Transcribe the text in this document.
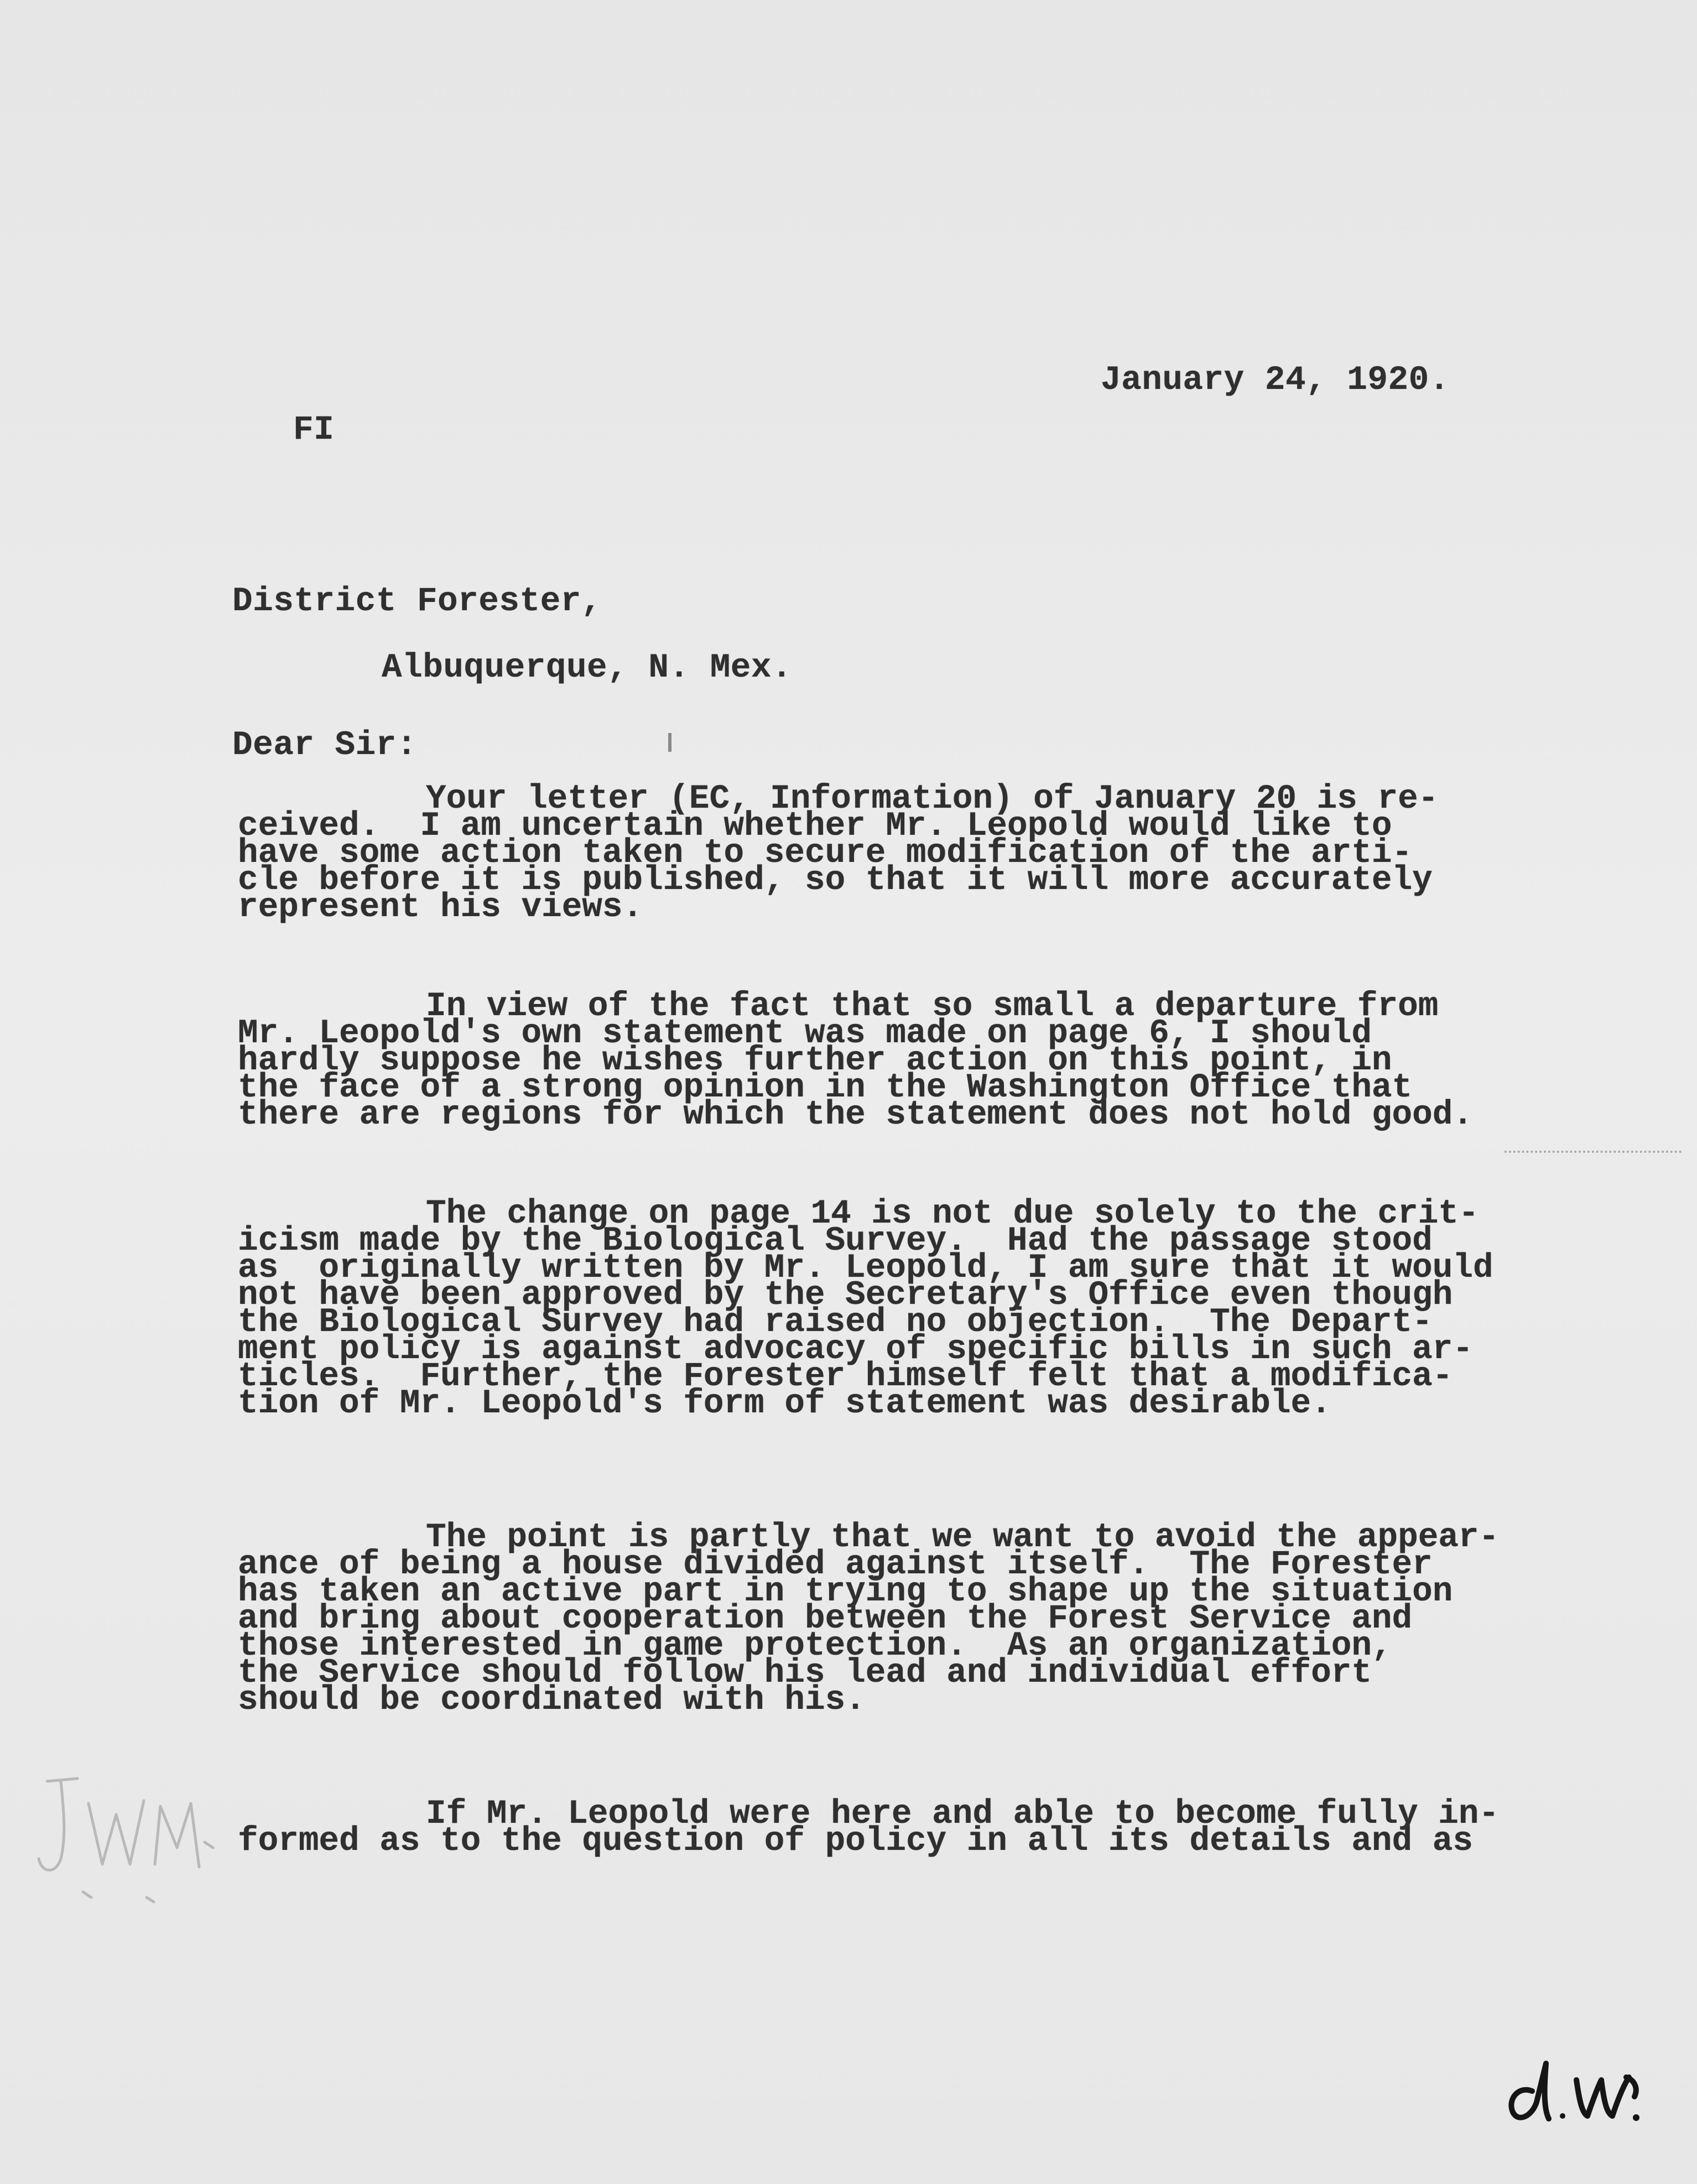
January 24, 1920.
FI
District Forester,
Albuquerque, N. Mex.
Dear Sir:
Your letter (EC, Information) of January 20 is re-
ceived.  I am uncertain whether Mr. Leopold would like to
have some action taken to secure modification of the arti-
cle before it is published, so that it will more accurately
represent his views.
In view of the fact that so small a departure from
Mr. Leopold's own statement was made on page 6, I should
hardly suppose he wishes further action on this point, in
the face of a strong opinion in the Washington Office that
there are regions for which the statement does not hold good.
The change on page 14 is not due solely to the crit-
icism made by the Biological Survey.  Had the passage stood
as  originally written by Mr. Leopold, I am sure that it would
not have been approved by the Secretary's Office even though
the Biological Survey had raised no objection.  The Depart-
ment policy is against advocacy of specific bills in such ar-
ticles.  Further, the Forester himself felt that a modifica-
tion of Mr. Leopold's form of statement was desirable.
The point is partly that we want to avoid the appear-
ance of being a house divided against itself.  The Forester
has taken an active part in trying to shape up the situation
and bring about cooperation between the Forest Service and
those interested in game protection.  As an organization,
the Service should follow his lead and individual effort
should be coordinated with his.
If Mr. Leopold were here and able to become fully in-
formed as to the question of policy in all its details and as
